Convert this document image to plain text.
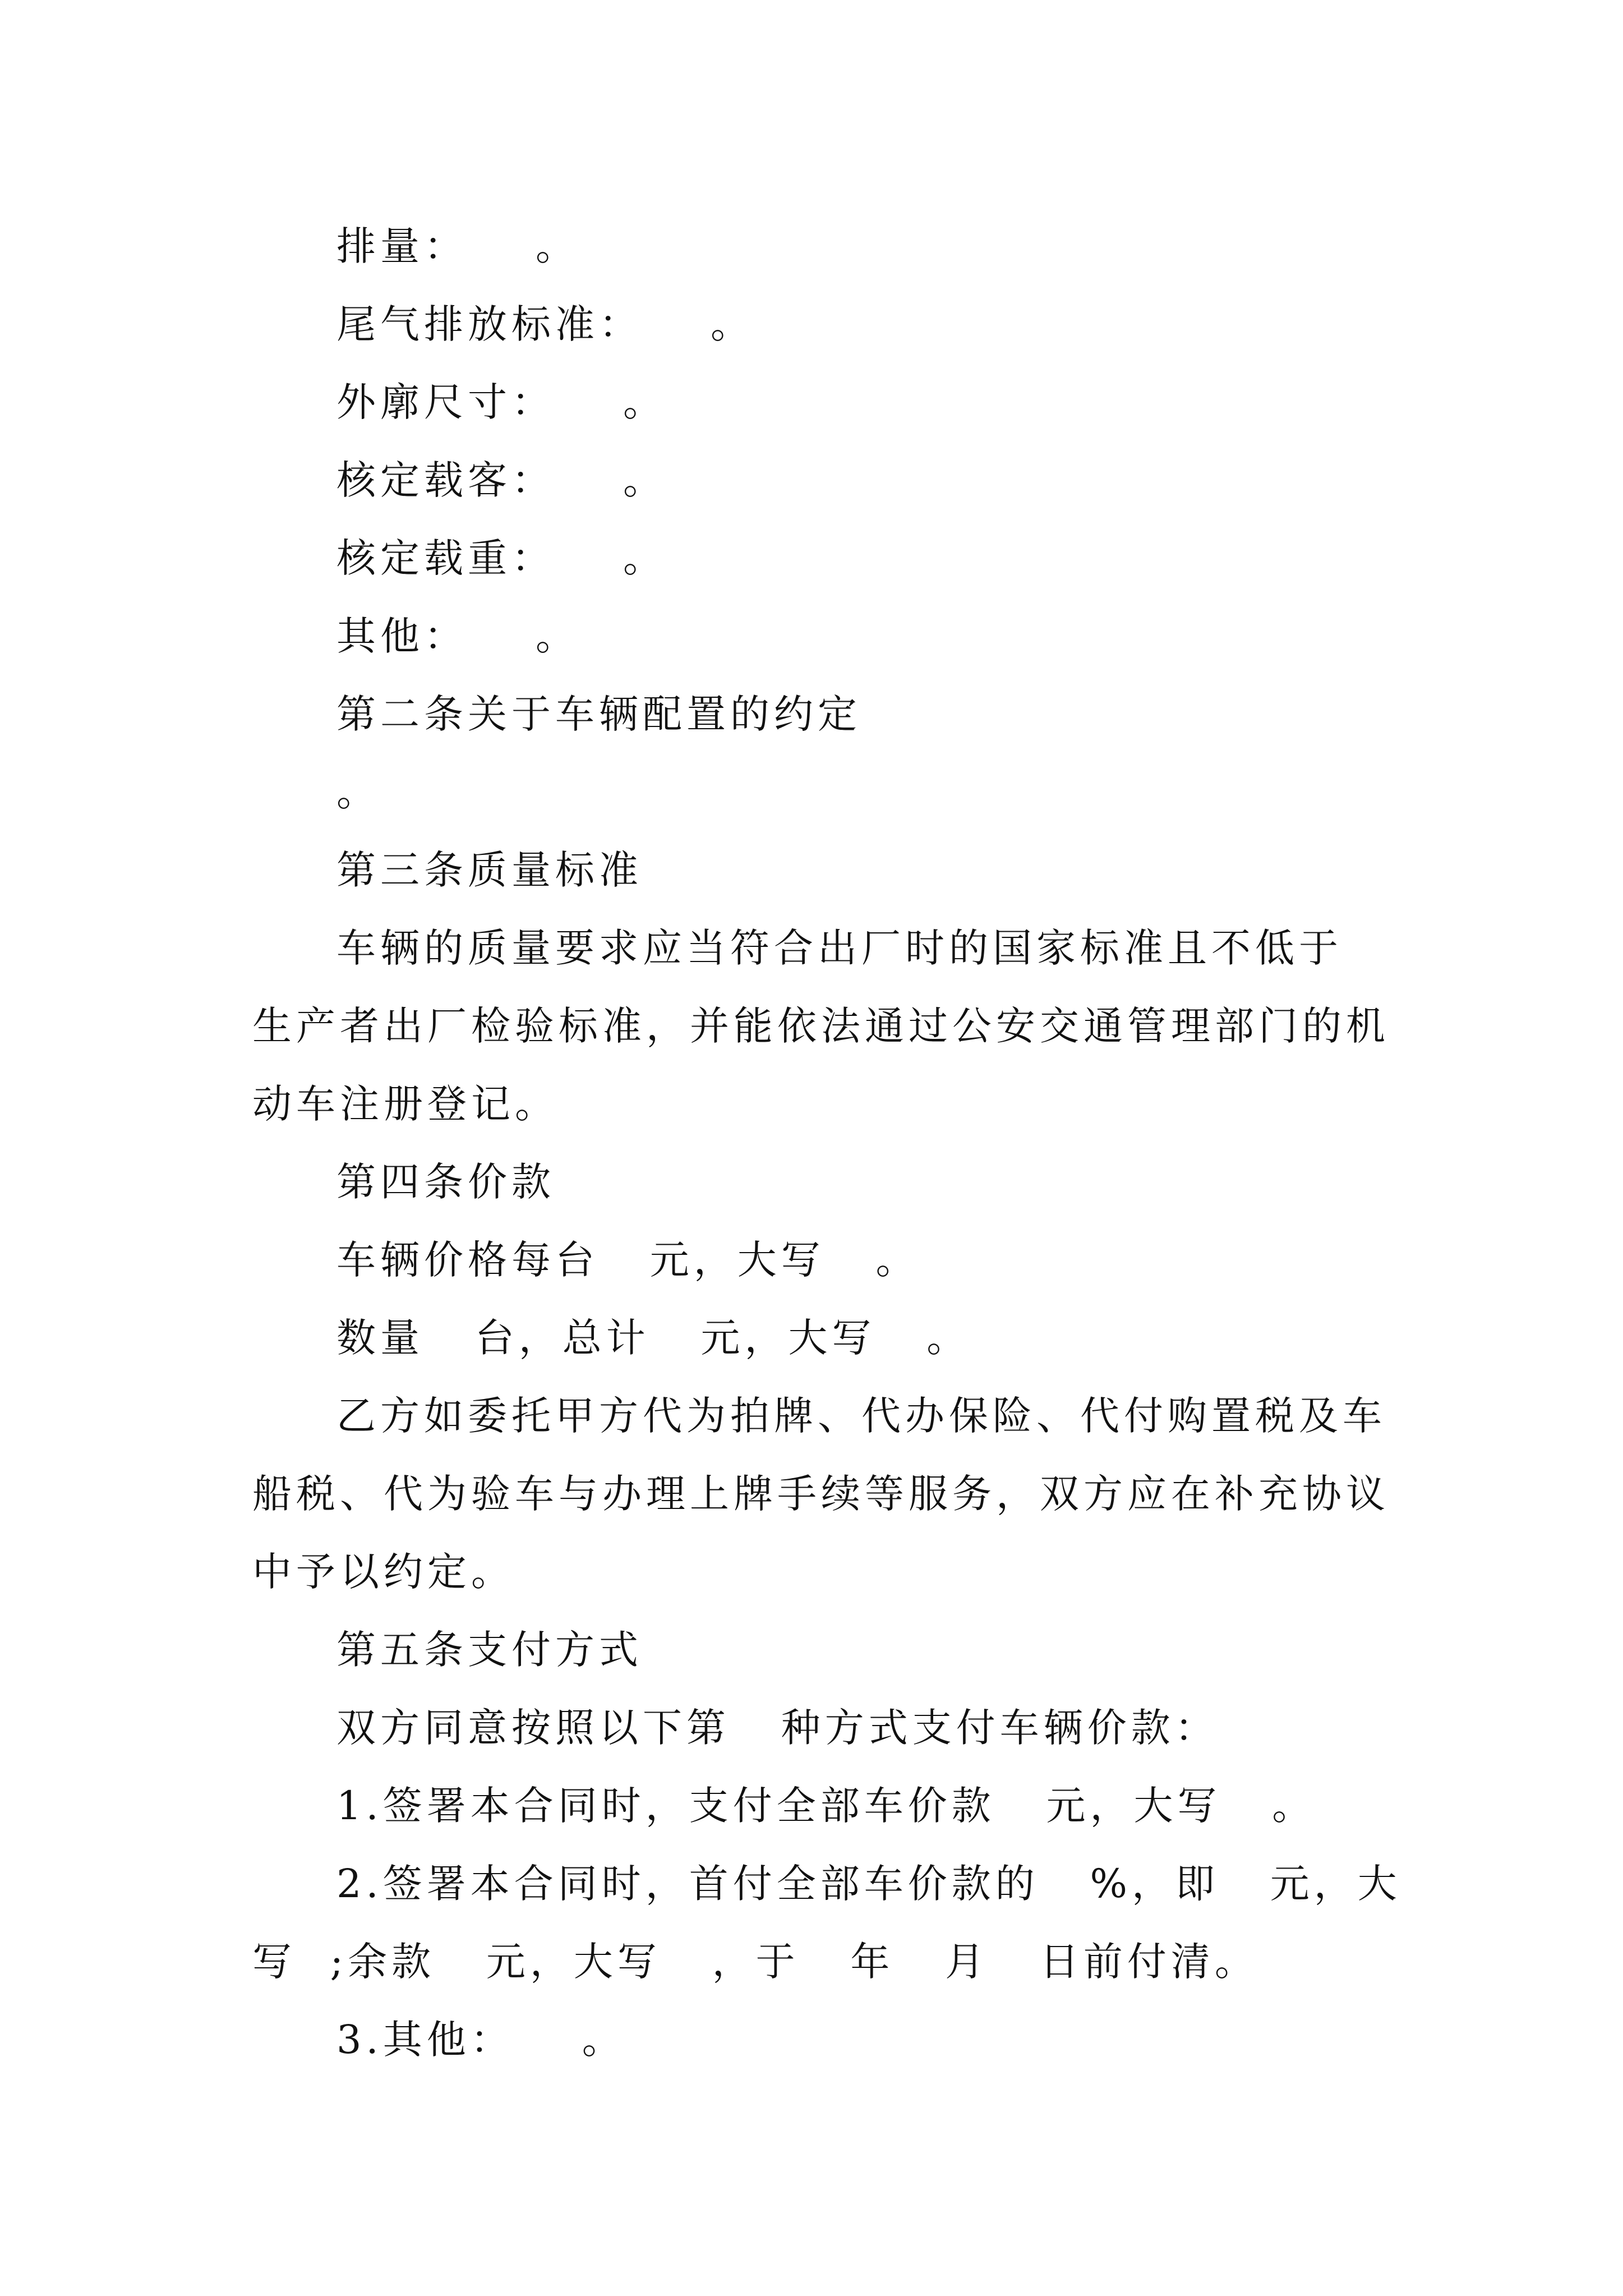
排量：    。
尾气排放标准：    。
外廓尺寸：    。
核定载客：    。
核定载重：    。
其他：    。
第二条关于车辆配置的约定
。
第三条质量标准
车辆的质量要求应当符合出厂时的国家标准且不低于
生产者出厂检验标准，并能依法通过公安交通管理部门的机
动车注册登记。
第四条价款
车辆价格每台   元，大写   。
数量   台，总计   元，大写   。
乙方如委托甲方代为拍牌、代办保险、代付购置税及车
船税、代为验车与办理上牌手续等服务，双方应在补充协议
中予以约定。
第五条支付方式
双方同意按照以下第   种方式支付车辆价款：
1.签署本合同时，支付全部车价款   元，大写   。
2.签署本合同时，首付全部车价款的   %，即   元，大
写  ;余款   元，大写   ，于   年   月   日前付清。
3.其他：    。
